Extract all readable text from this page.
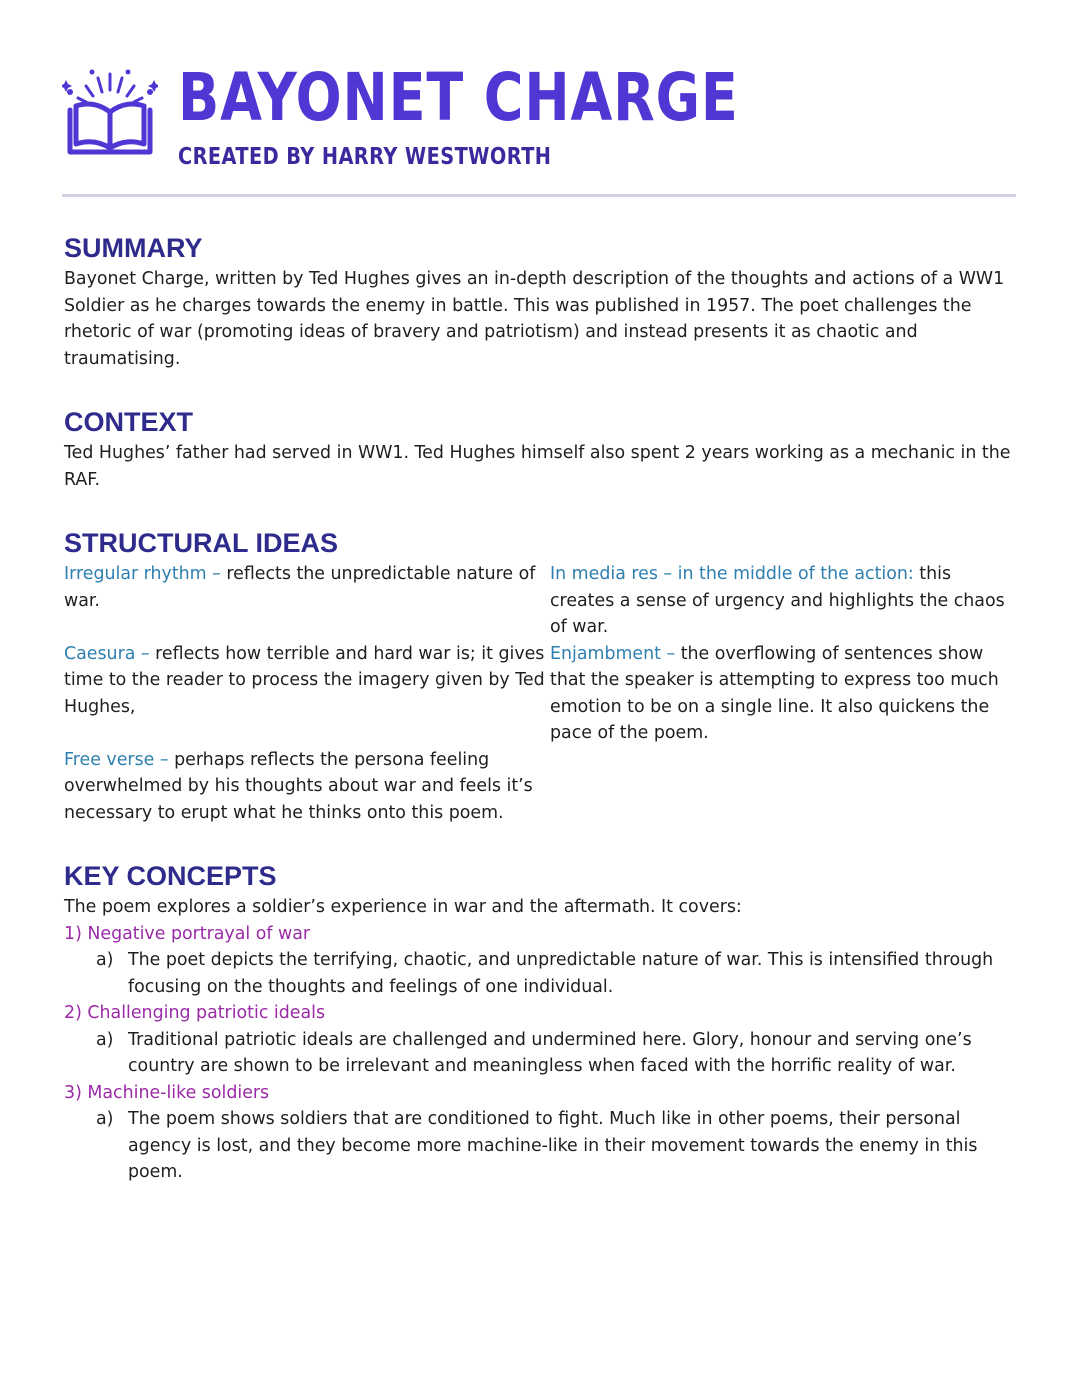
BAYONET CHARGE
CREATED BY HARRY WESTWORTH
SUMMARY

Bayonet Charge, written by Ted Hughes gives an in-depth description of the thoughts and actions of a WW1 Soldier as he charges towards the enemy in battle. This was published in 1957. The poet challenges the rhetoric of war (promoting ideas of bravery and patriotism) and instead presents it as chaotic and traumatising.

CONTEXT

Ted Hughes’ father had served in WW1. Ted Hughes himself also spent 2 years working as a mechanic in the RAF.

STRUCTURAL IDEAS

Irregular rhythm – reflects the unpredictable nature of war.

Caesura – reflects how terrible and hard war is; it gives time to the reader to process the imagery given by Ted Hughes,

Free verse – perhaps reflects the persona feeling overwhelmed by his thoughts about war and feels it’s necessary to erupt what he thinks onto this poem.

In media res – in the middle of the action: this creates a sense of urgency and highlights the chaos of war.

Enjambment – the overflowing of sentences show that the speaker is attempting to express too much emotion to be on a single line. It also quickens the pace of the poem.

KEY CONCEPTS

The poem explores a soldier’s experience in war and the aftermath. It covers:

1) Negative portrayal of war

a) The poet depicts the terrifying, chaotic, and unpredictable nature of war. This is intensified through focusing on the thoughts and feelings of one individual.

2) Challenging patriotic ideals

a) Traditional patriotic ideals are challenged and undermined here. Glory, honour and serving one’s country are shown to be irrelevant and meaningless when faced with the horrific reality of war.

3) Machine-like soldiers

a) The poem shows soldiers that are conditioned to fight. Much like in other poems, their personal agency is lost, and they become more machine-like in their movement towards the enemy in this poem.
